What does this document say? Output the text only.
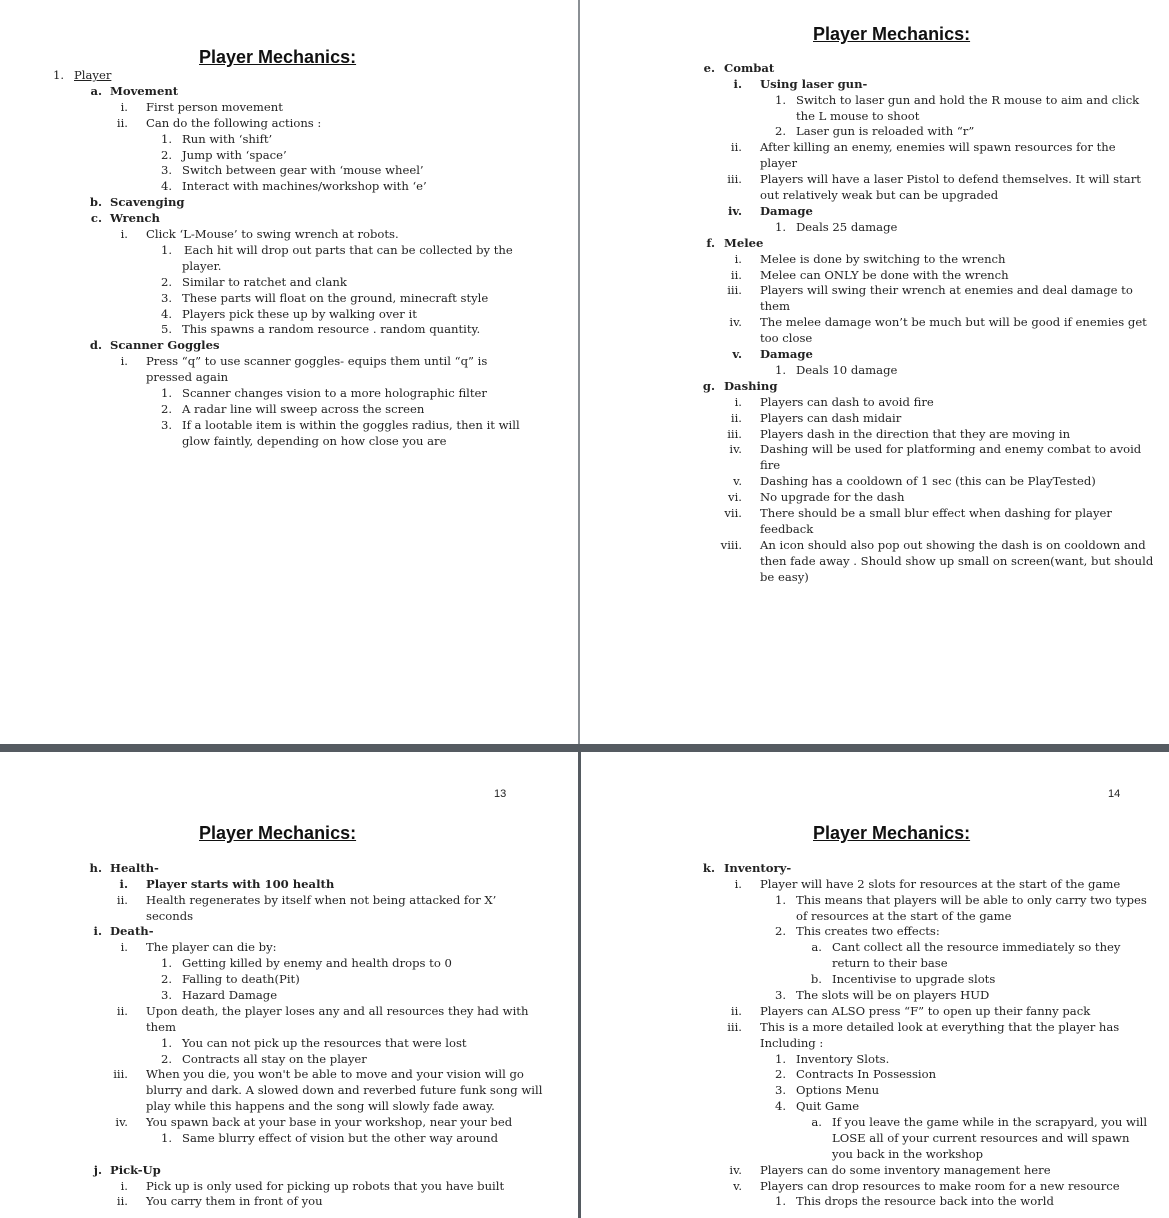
Player Mechanics:
Player Mechanics:
Player Mechanics:	Player Mechanics:
13	14
1. Player
a. Movement
i. First person movement
ii. Can do the following actions :
1. Run with ‘shift’
2. Jump with ‘space’
3. Switch between gear with ‘mouse wheel’
4. Interact with machines/workshop with ‘e’
b. Scavenging
c. Wrench
i. Click ‘L-Mouse’ to swing wrench at robots.
1. Each hit will drop out parts that can be collected by the
player.
2. Similar to ratchet and clank
3. These parts will float on the ground, minecraft style
4. Players pick these up by walking over it
5. This spawns a random resource . random quantity.
d. Scanner Goggles
i. Press “q” to use scanner goggles- equips them until “q” is
pressed again
1. Scanner changes vision to a more holographic filter
2. A radar line will sweep across the screen
3. If a lootable item is within the goggles radius, then it will
glow faintly, depending on how close you are
e. Combat
i. Using laser gun-
1. Switch to laser gun and hold the R mouse to aim and click
the L mouse to shoot
2. Laser gun is reloaded with “r”
ii. After killing an enemy, enemies will spawn resources for the
player
iii. Players will have a laser Pistol to defend themselves. It will start
out relatively weak but can be upgraded
iv. Damage
1. Deals 25 damage
f. Melee
i. Melee is done by switching to the wrench
ii. Melee can ONLY be done with the wrench
iii. Players will swing their wrench at enemies and deal damage to
them
iv. The melee damage won’t be much but will be good if enemies get
too close
v. Damage
1. Deals 10 damage
g. Dashing
i. Players can dash to avoid fire
ii. Players can dash midair
iii. Players dash in the direction that they are moving in
iv. Dashing will be used for platforming and enemy combat to avoid
fire
v. Dashing has a cooldown of 1 sec (this can be PlayTested)
vi. No upgrade for the dash
vii. There should be a small blur effect when dashing for player
feedback
viii. An icon should also pop out showing the dash is on cooldown and
then fade away . Should show up small on screen(want, but should
be easy)
h. Health-
i. Player starts with 100 health
ii. Health regenerates by itself when not being attacked for X’
seconds
i. Death-
i. The player can die by:
1. Getting killed by enemy and health drops to 0
2. Falling to death(Pit)
3. Hazard Damage
ii. Upon death, the player loses any and all resources they had with
them
1. You can not pick up the resources that were lost
2. Contracts all stay on the player
iii. When you die, you won't be able to move and your vision will go
blurry and dark. A slowed down and reverbed future funk song will
play while this happens and the song will slowly fade away.
iv. You spawn back at your base in your workshop, near your bed
1. Same blurry effect of vision but the other way around
j. Pick-Up
i. Pick up is only used for picking up robots that you have built
ii. You carry them in front of you
k. Inventory-
i. Player will have 2 slots for resources at the start of the game
1. This means that players will be able to only carry two types
of resources at the start of the game
2. This creates two effects:
a. Cant collect all the resource immediately so they
return to their base
b. Incentivise to upgrade slots
3. The slots will be on players HUD
ii. Players can ALSO press “F” to open up their fanny pack
iii. This is a more detailed look at everything that the player has
Including :
1. Inventory Slots.
2. Contracts In Possession
3. Options Menu
4. Quit Game
a. If you leave the game while in the scrapyard, you will
LOSE all of your current resources and will spawn
you back in the workshop
iv. Players can do some inventory management here
v. Players can drop resources to make room for a new resource
1. This drops the resource back into the world
